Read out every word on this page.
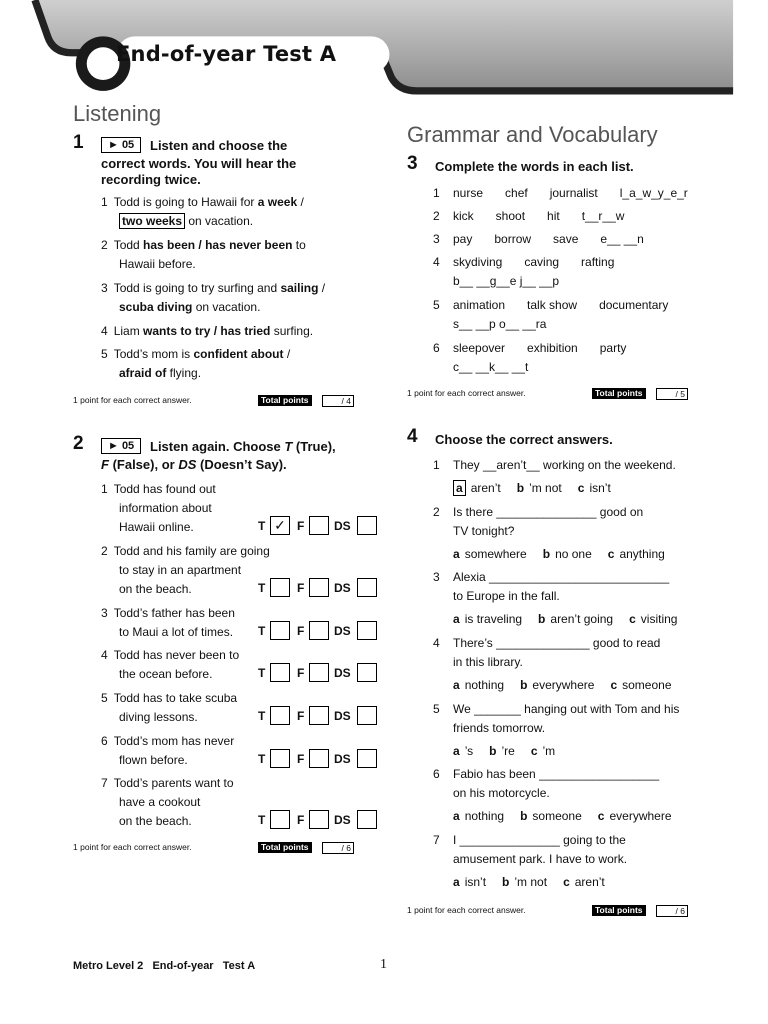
End-of-year Test A
Listening
1	► 05	Listen and choose the
correct words. You will hear the
recording twice.
1 Todd is going to Hawaii for a week /
two weeks on vacation.
2 Todd has been / has never been to
Hawaii before.
3 Todd is going to try surfing and sailing /
scuba diving on vacation.
4 Liam wants to try / has tried surfing.
5 Todd’s mom is confident about /
afraid of flying.
1 point for each correct answer.	Total points	/ 4
2	► 05	Listen again. Choose T (True),
F (False), or DS (Doesn’t Say).
1 Todd has found out
information about
Hawaii online.	T ✓ F DS
2 Todd and his family are going
to stay in an apartment
on the beach.	T	F DS
3 Todd’s father has been
to Maui a lot of times.	T	F DS
4 Todd has never been to
the ocean before.	T	F DS
5 Todd has to take scuba
diving lessons.	T	F DS
6 Todd’s mom has never
flown before.	T	F DS
7 Todd’s parents want to
have a cookout
on the beach.	T	F DS
1 point for each correct answer.	Total points	/ 6
Grammar and Vocabulary
3 Complete the words in each list.
1 nurse chef journalist l_a_w_y_e_r
2 kick shoot hit t__r__w
3 pay borrow save e__ __n
4 skydiving caving rafting
b__ __g__e j__ __p
5 animation talk show documentary
s__ __p o__ __ra
6 sleepover exhibition party
c__ __k__ __t
1 point for each correct answer.	Total points	/ 5
4 Choose the correct answers.
1 They __aren’t__ working on the weekend.
a aren’t b ’m not c isn’t
2 Is there _______________ good on
TV tonight?
a somewhere b no one c anything
3 Alexia ___________________________
to Europe in the fall.
a is traveling b aren’t going c visiting
4 There’s ______________ good to read
in this library.
a nothing b everywhere c someone
5 We _______ hanging out with Tom and his
friends tomorrow.
a ’s b ’re c ’m
6 Fabio has been __________________
on his motorcycle.
a nothing b someone c everywhere
7 I _______________ going to the
amusement park. I have to work.
a isn’t b ’m not c aren’t
1 point for each correct answer.	Total points	/ 6
Metro Level 2   End-of-year   Test A	1
